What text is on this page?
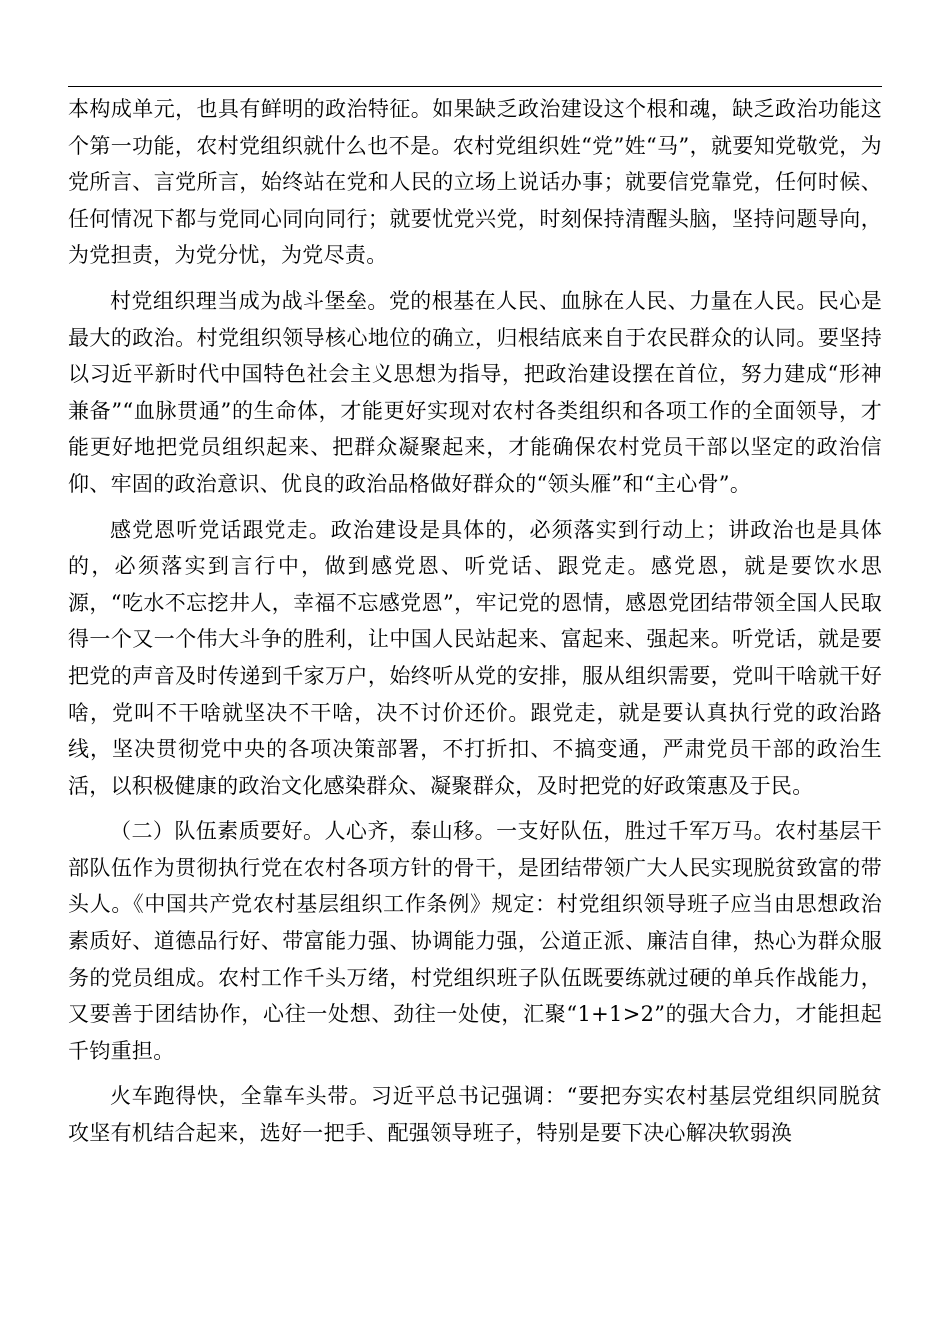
本构成单元，也具有鲜明的政治特征。如果缺乏政治建设这个根和魂，缺乏政治功能这个第一功能，农村党组织就什么也不是。农村党组织姓“党”姓“马”，就要知党敬党，为党所言、言党所言，始终站在党和人民的立场上说话办事；就要信党靠党，任何时候、任何情况下都与党同心同向同行；就要忧党兴党，时刻保持清醒头脑，坚持问题导向，为党担责，为党分忧，为党尽责。

村党组织理当成为战斗堡垒。党的根基在人民、血脉在人民、力量在人民。民心是最大的政治。村党组织领导核心地位的确立，归根结底来自于农民群众的认同。要坚持以习近平新时代中国特色社会主义思想为指导，把政治建设摆在首位，努力建成“形神兼备”“血脉贯通”的生命体，才能更好实现对农村各类组织和各项工作的全面领导，才能更好地把党员组织起来、把群众凝聚起来，才能确保农村党员干部以坚定的政治信仰、牢固的政治意识、优良的政治品格做好群众的“领头雁”和“主心骨”。

感党恩听党话跟党走。政治建设是具体的，必须落实到行动上；讲政治也是具体的，必须落实到言行中，做到感党恩、听党话、跟党走。感党恩，就是要饮水思源，“吃水不忘挖井人，幸福不忘感党恩”，牢记党的恩情，感恩党团结带领全国人民取得一个又一个伟大斗争的胜利，让中国人民站起来、富起来、强起来。听党话，就是要把党的声音及时传递到千家万户，始终听从党的安排，服从组织需要，党叫干啥就干好啥，党叫不干啥就坚决不干啥，决不讨价还价。跟党走，就是要认真执行党的政治路线，坚决贯彻党中央的各项决策部署，不打折扣、不搞变通，严肃党员干部的政治生活，以积极健康的政治文化感染群众、凝聚群众，及时把党的好政策惠及于民。

（二）队伍素质要好。人心齐，泰山移。一支好队伍，胜过千军万马。农村基层干部队伍作为贯彻执行党在农村各项方针的骨干，是团结带领广大人民实现脱贫致富的带头人。《中国共产党农村基层组织工作条例》规定：村党组织领导班子应当由思想政治素质好、道德品行好、带富能力强、协调能力强，公道正派、廉洁自律，热心为群众服务的党员组成。农村工作千头万绪，村党组织班子队伍既要练就过硬的单兵作战能力，又要善于团结协作，心往一处想、劲往一处使，汇聚“1+1>2”的强大合力，才能担起千钧重担。

火车跑得快，全靠车头带。习近平总书记强调：“要把夯实农村基层党组织同脱贫攻坚有机结合起来，选好一把手、配强领导班子，特别是要下决心解决软弱涣
